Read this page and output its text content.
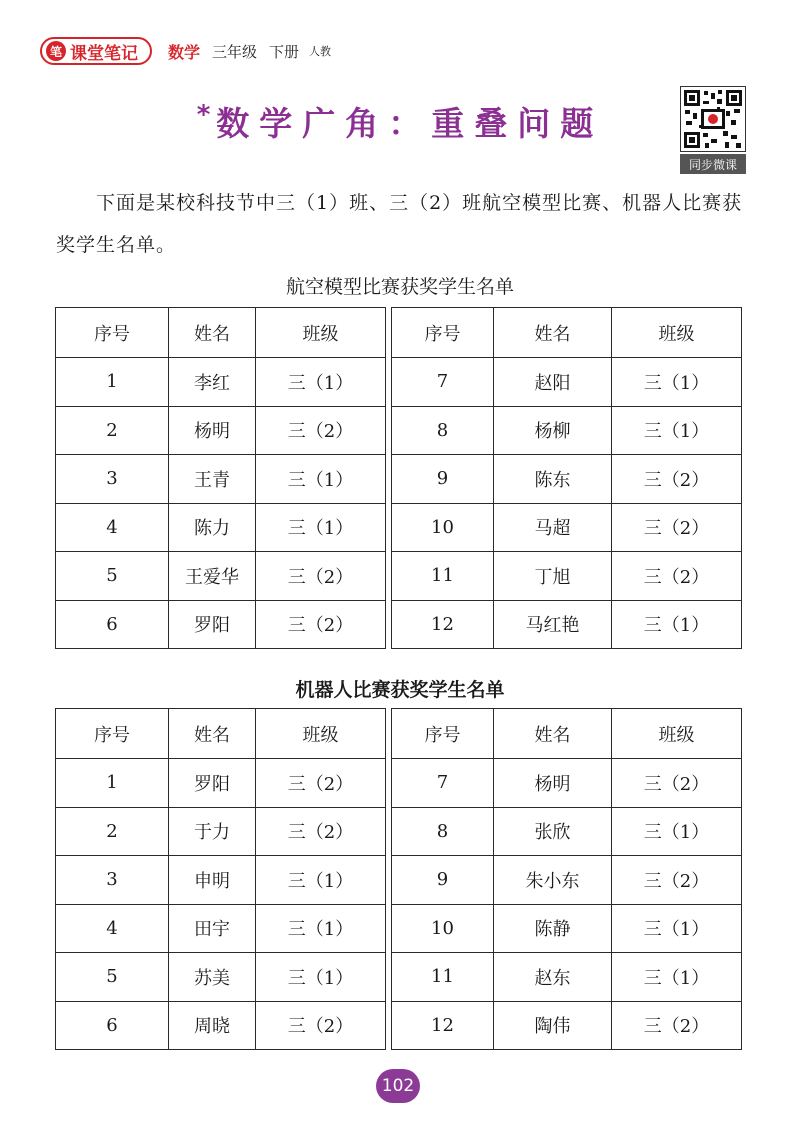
笔 课堂笔记 数学 三年级 下册 人教
* 数学广角：重叠问题
同步微课

下面是某校科技节中三（1）班、三（2）班航空模型比赛、机器人比赛获奖学生名单。

航空模型比赛获奖学生名单
序号	姓名	班级
1	李红	三（1）
2	杨明	三（2）
3	王青	三（1）
4	陈力	三（1）
5	王爱华	三（2）
6	罗阳	三（2）
序号	姓名	班级
7	赵阳	三（1）
8	杨柳	三（1）
9	陈东	三（2）
10	马超	三（2）
11	丁旭	三（2）
12	马红艳	三（1）
机器人比赛获奖学生名单
序号	姓名	班级
1	罗阳	三（2）
2	于力	三（2）
3	申明	三（1）
4	田宇	三（1）
5	苏美	三（1）
6	周晓	三（2）
序号	姓名	班级
7	杨明	三（2）
8	张欣	三（1）
9	朱小东	三（2）
10	陈静	三（1）
11	赵东	三（1）
12	陶伟	三（2）
102
